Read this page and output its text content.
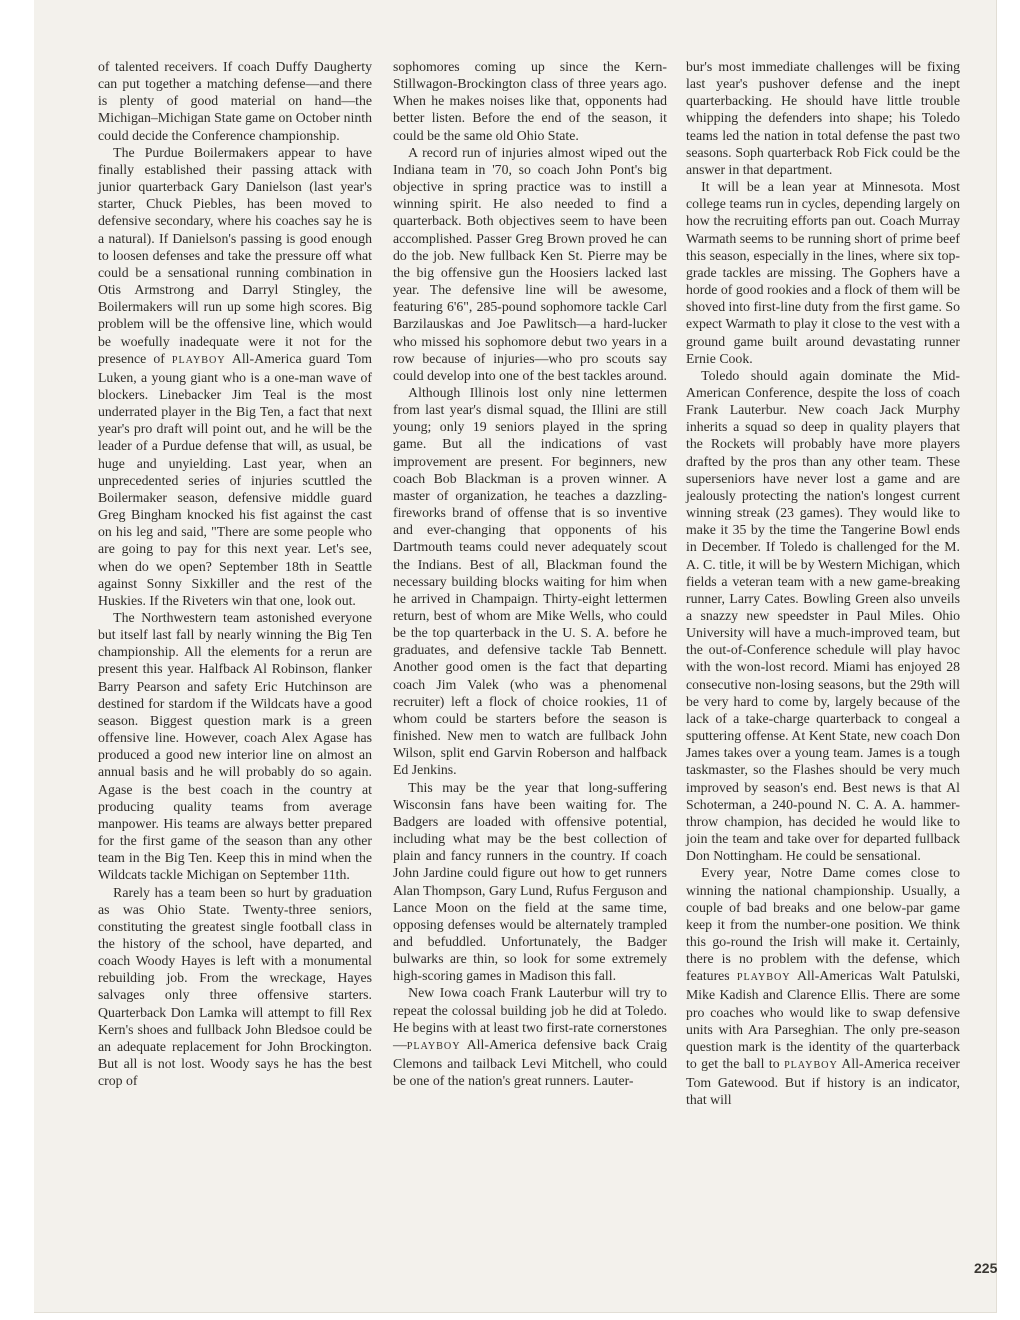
of talented receivers. If coach Duffy Daugherty can put together a matching defense—and there is plenty of good material on hand—the Michigan–Michigan State game on October ninth could decide the Conference championship.

The Purdue Boilermakers appear to have finally established their passing attack with junior quarterback Gary Danielson (last year's starter, Chuck Piebles, has been moved to defensive secondary, where his coaches say he is a natural). If Danielson's passing is good enough to loosen defenses and take the pressure off what could be a sensational running combination in Otis Armstrong and Darryl Stingley, the Boilermakers will run up some high scores. Big problem will be the offensive line, which would be woefully inadequate were it not for the presence of PLAYBOY All-America guard Tom Luken, a young giant who is a one-man wave of blockers. Linebacker Jim Teal is the most underrated player in the Big Ten, a fact that next year's pro draft will point out, and he will be the leader of a Purdue defense that will, as usual, be huge and unyielding. Last year, when an unprecedented series of injuries scuttled the Boilermaker season, defensive middle guard Greg Bingham knocked his fist against the cast on his leg and said, "There are some people who are going to pay for this next year. Let's see, when do we open? September 18th in Seattle against Sonny Sixkiller and the rest of the Huskies. If the Riveters win that one, look out.

The Northwestern team astonished everyone but itself last fall by nearly winning the Big Ten championship. All the elements for a rerun are present this year. Halfback Al Robinson, flanker Barry Pearson and safety Eric Hutchinson are destined for stardom if the Wildcats have a good season. Biggest question mark is a green offensive line. However, coach Alex Agase has produced a good new interior line on almost an annual basis and he will probably do so again. Agase is the best coach in the country at producing quality teams from average manpower. His teams are always better prepared for the first game of the season than any other team in the Big Ten. Keep this in mind when the Wildcats tackle Michigan on September 11th.

Rarely has a team been so hurt by graduation as was Ohio State. Twenty-three seniors, constituting the greatest single football class in the history of the school, have departed, and coach Woody Hayes is left with a monumental rebuilding job. From the wreckage, Hayes salvages only three offensive starters. Quarterback Don Lamka will attempt to fill Rex Kern's shoes and fullback John Bledsoe could be an adequate replacement for John Brockington. But all is not lost. Woody says he has the best crop of

sophomores coming up since the Kern-Stillwagon-Brockington class of three years ago. When he makes noises like that, opponents had better listen. Before the end of the season, it could be the same old Ohio State.

A record run of injuries almost wiped out the Indiana team in '70, so coach John Pont's big objective in spring practice was to instill a winning spirit. He also needed to find a quarterback. Both objectives seem to have been accomplished. Passer Greg Brown proved he can do the job. New fullback Ken St. Pierre may be the big offensive gun the Hoosiers lacked last year. The defensive line will be awesome, featuring 6'6", 285-pound sophomore tackle Carl Barzilauskas and Joe Pawlitsch—a hard-lucker who missed his sophomore debut two years in a row because of injuries—who pro scouts say could develop into one of the best tackles around.

Although Illinois lost only nine lettermen from last year's dismal squad, the Illini are still young; only 19 seniors played in the spring game. But all the indications of vast improvement are present. For beginners, new coach Bob Blackman is a proven winner. A master of organization, he teaches a dazzling-fireworks brand of offense that is so inventive and ever-changing that opponents of his Dartmouth teams could never adequately scout the Indians. Best of all, Blackman found the necessary building blocks waiting for him when he arrived in Champaign. Thirty-eight lettermen return, best of whom are Mike Wells, who could be the top quarterback in the U. S. A. before he graduates, and defensive tackle Tab Bennett. Another good omen is the fact that departing coach Jim Valek (who was a phenomenal recruiter) left a flock of choice rookies, 11 of whom could be starters before the season is finished. New men to watch are fullback John Wilson, split end Garvin Roberson and halfback Ed Jenkins.

This may be the year that long-suffering Wisconsin fans have been waiting for. The Badgers are loaded with offensive potential, including what may be the best collection of plain and fancy runners in the country. If coach John Jardine could figure out how to get runners Alan Thompson, Gary Lund, Rufus Ferguson and Lance Moon on the field at the same time, opposing defenses would be alternately trampled and befuddled. Unfortunately, the Badger bulwarks are thin, so look for some extremely high-scoring games in Madison this fall.

New Iowa coach Frank Lauterbur will try to repeat the colossal building job he did at Toledo. He begins with at least two first-rate cornerstones—PLAYBOY All-America defensive back Craig Clemons and tailback Levi Mitchell, who could be one of the nation's great runners. Lauter-

bur's most immediate challenges will be fixing last year's pushover defense and the inept quarterbacking. He should have little trouble whipping the defenders into shape; his Toledo teams led the nation in total defense the past two seasons. Soph quarterback Rob Fick could be the answer in that department.

It will be a lean year at Minnesota. Most college teams run in cycles, depending largely on how the recruiting efforts pan out. Coach Murray Warmath seems to be running short of prime beef this season, especially in the lines, where six top-grade tackles are missing. The Gophers have a horde of good rookies and a flock of them will be shoved into first-line duty from the first game. So expect Warmath to play it close to the vest with a ground game built around devastating runner Ernie Cook.

Toledo should again dominate the Mid-American Conference, despite the loss of coach Frank Lauterbur. New coach Jack Murphy inherits a squad so deep in quality players that the Rockets will probably have more players drafted by the pros than any other team. These superseniors have never lost a game and are jealously protecting the nation's longest current winning streak (23 games). They would like to make it 35 by the time the Tangerine Bowl ends in December. If Toledo is challenged for the M. A. C. title, it will be by Western Michigan, which fields a veteran team with a new game-breaking runner, Larry Cates. Bowling Green also unveils a snazzy new speedster in Paul Miles. Ohio University will have a much-improved team, but the out-of-Conference schedule will play havoc with the won-lost record. Miami has enjoyed 28 consecutive non-losing seasons, but the 29th will be very hard to come by, largely because of the lack of a take-charge quarterback to congeal a sputtering offense. At Kent State, new coach Don James takes over a young team. James is a tough taskmaster, so the Flashes should be very much improved by season's end. Best news is that Al Schoterman, a 240-pound N. C. A. A. hammer-throw champion, has decided he would like to join the team and take over for departed fullback Don Nottingham. He could be sensational.

Every year, Notre Dame comes close to winning the national championship. Usually, a couple of bad breaks and one below-par game keep it from the number-one position. We think this go-round the Irish will make it. Certainly, there is no problem with the defense, which features PLAYBOY All-Americas Walt Patulski, Mike Kadish and Clarence Ellis. There are some pro coaches who would like to swap defensive units with Ara Parseghian. The only pre-season question mark is the identity of the quarterback to get the ball to PLAYBOY All-America receiver Tom Gatewood. But if history is an indicator, that will

225
